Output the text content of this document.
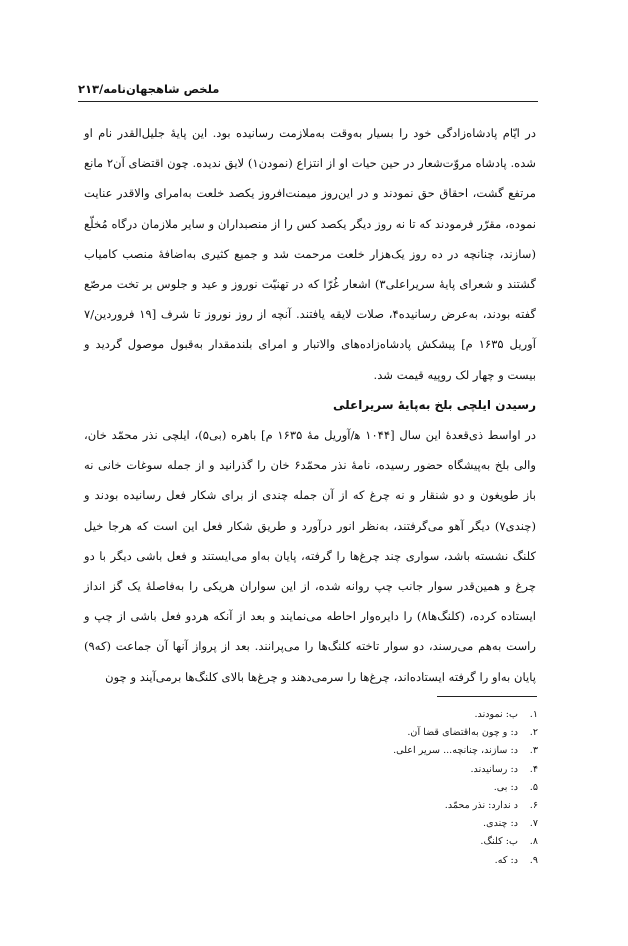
۲۱۳/ملخص شاهجهان‌نامه

در ایّام پادشاه‌زادگی خود را بسیار به‌وقت به‌ملازمت رسانیده بود. این پایهٔ جلیل‌القدر نام او شده. پادشاه مروّت‌شعار در حین حیات او از انتزاع (نمودن۱) لایق ندیده. چون اقتضای آن۲ مانع مرتفع گشت، احقاق حق نمودند و در این‌روز میمنت‌افروز یکصد خلعت به‌امرای والاقدر عنایت نموده، مقرّر فرمودند که تا نه روز دیگر یکصد کس را از منصبداران و سایر ملازمان درگاه مُخلّع (سازند، چنانچه در ده روز یک‌هزار خلعت مرحمت شد و جمیع کثیری به‌اضافهٔ منصب کامیاب گشتند و شعرای پایهٔ سریراعلی۳) اشعار غُرّا که در تهنیّت نوروز و عید و جلوس بر تخت مرصّع گفته بودند، به‌عرض رسانیده۴، صلات لایقه یافتند. آنچه از روز نوروز تا شرف [۱۹ فروردین/۷ آوریل ۱۶۳۵ م] پیشکش پادشاه‌زاده‌های والاتبار و امرای بلندمقدار به‌قبول موصول گردید و بیست و چهار لک روپیه قیمت شد.

رسیدن ایلچی بلخ به‌پایهٔ سریراعلی

در اواسط ذی‌قعدهٔ این سال [۱۰۴۴ ه‍/آوریل مهٔ ۱۶۳۵ م] باهره (بی۵)، ایلچی نذر محمّد خان، والی بلخ به‌پیشگاه حضور رسیده، نامهٔ نذر محمّد۶ خان را گذرانید و از جمله سوغات خانی نه باز طویغون و دو شنقار و نه چرغ که از آن جمله چندی از برای شکار فعل رسانیده بودند و (چندی۷) دیگر آهو می‌گرفتند، به‌نظر انور درآورد و طریق شکار فعل این است که هرجا خیل کلنگ نشسته باشد، سواری چند چرغ‌ها را گرفته، پایان به‌او می‌ایستند و فعل باشی دیگر با دو چرغ و همین‌قدر سوار جانب چپ روانه شده، از این سواران هریکی را به‌فاصلهٔ یک گز انداز ایستاده کرده، (کلنگ‌ها۸) را دایره‌وار احاطه می‌نمایند و بعد از آنکه هردو فعل باشی از چپ و راست به‌هم می‌رسند، دو سوار تاخته کلنگ‌ها را می‌پرانند. بعد از پرواز آنها آن جماعت (که۹) پایان به‌او را گرفته ایستاده‌اند، چرغ‌ها را سرمی‌دهند و چرغ‌ها بالای کلنگ‌ها برمی‌آیند و چون

۱.
ب: نمودند.
۲.
د: و چون به‌اقتضای قضا آن.
۳.
د: سازند، چنانچه... سریر اعلی.
۴.
د: رسانیدند.
۵.
د: بی.
۶.
د ندارد: نذر محمّد.
۷.
د: چندی.
۸.
ب: کلنگ.
۹.
د: که.
